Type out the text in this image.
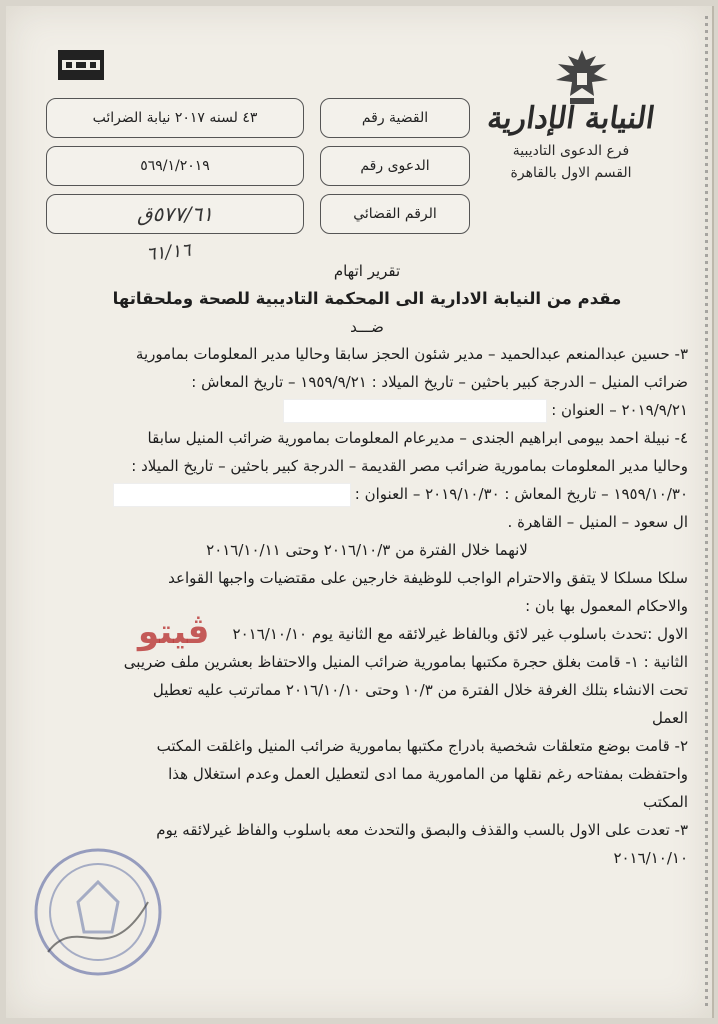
النيابة الإدارية
فرع الدعوى التاديبية
القسم الاول بالقاهرة
القضية رقم
٤٣ لسنه ٢٠١٧ نيابة الضرائب
الدعوى رقم
٥٦٩/١/٢٠١٩
الرقم القضائي
٥٧٧/٦١ق
٦١/١٦
تقرير اتهام
مقدم من النيابة الادارية الى المحكمة التاديبية للصحة وملحقاتها
ضـــد
٣- حسين عبدالمنعم عبدالحميد – مدير شئون الحجز سابقا وحاليا مدير المعلومات بمامورية
ضرائب المنيل – الدرجة كبير باحثين – تاريخ الميلاد : ١٩٥٩/٩/٢١ – تاريخ المعاش :
٢٠١٩/٩/٢١ – العنوان :
٤- نبيلة احمد بيومى ابراهيم الجندى – مديرعام المعلومات بمامورية ضرائب المنيل سابقا
وحاليا مدير المعلومات بمامورية ضرائب مصر القديمة – الدرجة كبير باحثين – تاريخ الميلاد :
١٩٥٩/١٠/٣٠ – تاريخ المعاش : ٢٠١٩/١٠/٣٠ – العنوان :
ال سعود – المنيل – القاهرة .
لانهما خلال الفترة من ٢٠١٦/١٠/٣ وحتى ٢٠١٦/١٠/١١
سلكا مسلكا لا يتفق والاحترام الواجب للوظيفة خارجين على مقتضيات واجبها القواعد
والاحكام المعمول بها بان :
الاول :تحدث باسلوب غير لائق وبالفاظ غيرلائقه مع الثانية يوم ٢٠١٦/١٠/١٠
الثانية : ١- قامت بغلق حجرة مكتبها بمامورية ضرائب المنيل والاحتفاظ بعشرين ملف ضريبى
تحت الانشاء بتلك الغرفة خلال الفترة من ١٠/٣ وحتى ٢٠١٦/١٠/١٠ مماترتب عليه تعطيل
العمل
٢- قامت بوضع متعلقات شخصية بادراج مكتبها بمامورية ضرائب المنيل واغلقت المكتب
واحتفظت بمفتاحه رغم نقلها من المامورية مما ادى لتعطيل العمل وعدم استغلال هذا
المكتب
٣- تعدت على الاول بالسب والقذف والبصق والتحدث معه باسلوب والفاظ غيرلائقه يوم
٢٠١٦/١٠/١٠
ڤيتو
